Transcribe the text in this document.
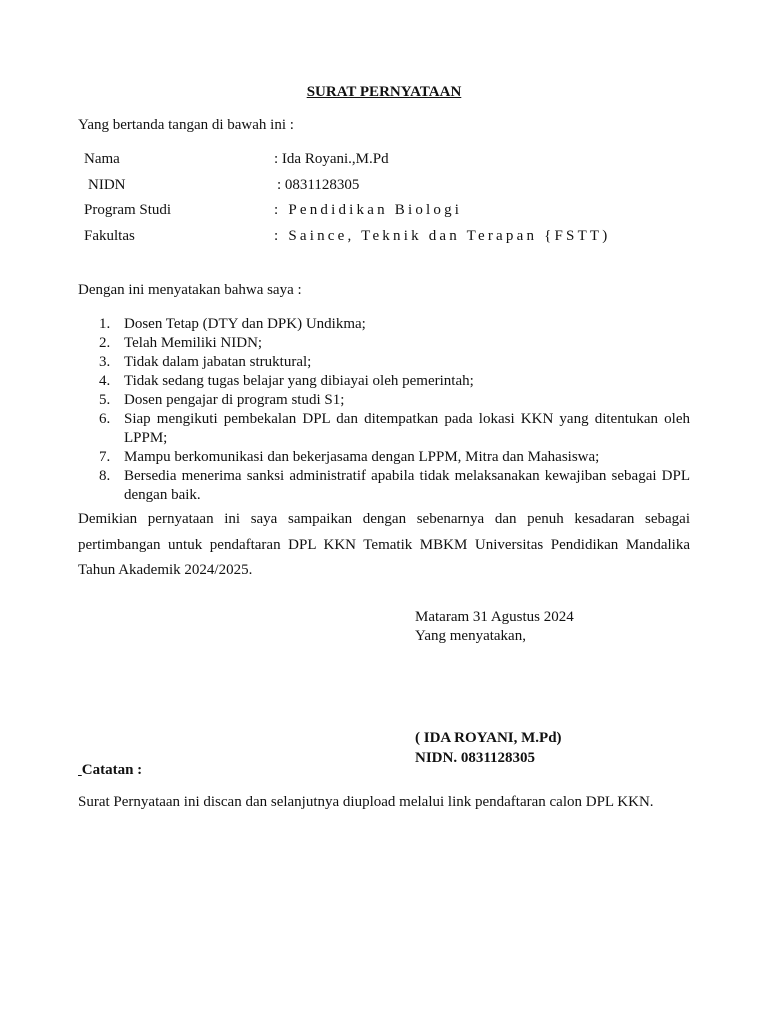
SURAT PERNYATAAN
Yang bertanda tangan di bawah ini :
Nama	: Ida Royani.,M.Pd
NIDN	: 0831128305
Program Studi	: Pendidikan Biologi
Fakultas	: Saince, Teknik dan Terapan {FSTT)
Dengan ini menyatakan bahwa saya :
1. Dosen Tetap (DTY dan DPK) Undikma;
2. Telah Memiliki NIDN;
3. Tidak dalam jabatan struktural;
4. Tidak sedang tugas belajar yang dibiayai oleh pemerintah;
5. Dosen pengajar di program studi S1;
6. Siap mengikuti pembekalan DPL dan ditempatkan pada lokasi KKN yang ditentukan oleh LPPM;
7. Mampu berkomunikasi dan bekerjasama dengan LPPM, Mitra dan Mahasiswa;
8. Bersedia menerima sanksi administratif apabila tidak melaksanakan kewajiban sebagai DPL dengan baik.
Demikian pernyataan ini saya sampaikan dengan sebenarnya dan penuh kesadaran sebagai pertimbangan untuk pendaftaran DPL KKN Tematik MBKM Universitas Pendidikan Mandalika Tahun Akademik 2024/2025.
Mataram 31 Agustus 2024
Yang menyatakan,
( IDA ROYANI, M.Pd)
NIDN. 0831128305
Catatan :
Surat Pernyataan ini discan dan selanjutnya diupload melalui link pendaftaran calon DPL KKN.
